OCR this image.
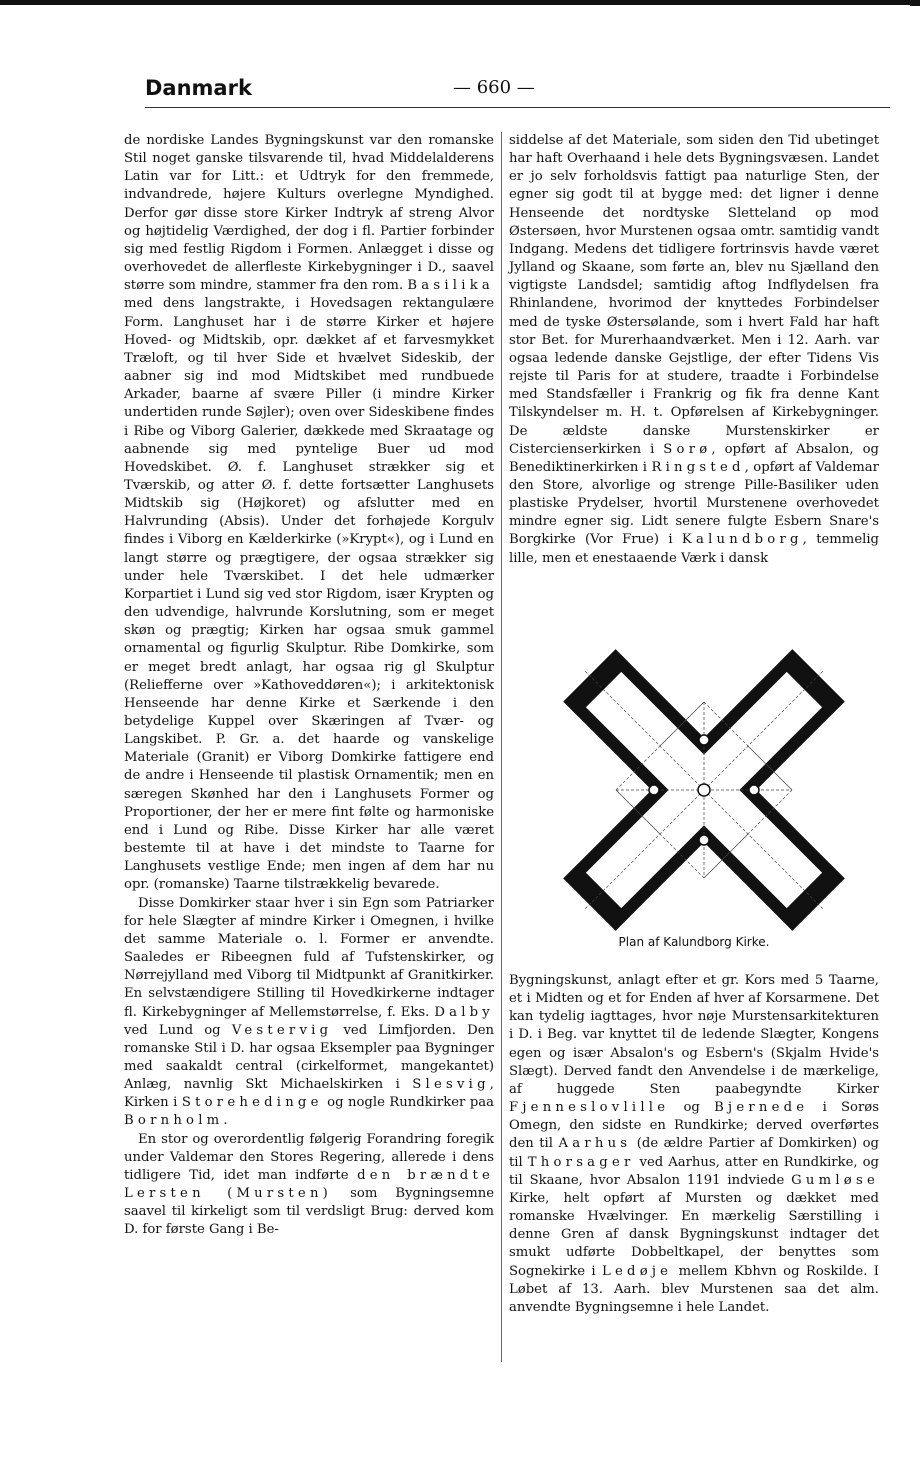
Danmark	— 660 —

de nordiske Landes Bygningskunst var den romanske Stil noget ganske tilsvarende til, hvad Middelalderens Latin var for Litt.: et Udtryk for den fremmede, indvandrede, højere Kulturs overlegne Myndighed. Derfor gør disse store Kirker Indtryk af streng Alvor og højtidelig Værdighed, der dog i fl. Partier forbinder sig med festlig Rigdom i Formen. Anlægget i disse og overhovedet de allerfleste Kirkebygninger i D., saavel større som mindre, stammer fra den rom. Basilika med dens langstrakte, i Hovedsagen rektangulære Form. Langhuset har i de større Kirker et højere Hoved- og Midtskib, opr. dækket af et farvesmykket Træloft, og til hver Side et hvælvet Sideskib, der aabner sig ind mod Midtskibet med rundbuede Arkader, baarne af svære Piller (i mindre Kirker undertiden runde Søjler); oven over Sideskibene findes i Ribe og Viborg Galerier, dækkede med Skraatage og aabnende sig med pyntelige Buer ud mod Hovedskibet. Ø. f. Langhuset strækker sig et Tværskib, og atter Ø. f. dette fortsætter Langhusets Midtskib sig (Højkoret) og afslutter med en Halvrunding (Absis). Under det forhøjede Korgulv findes i Viborg en Kælderkirke (»Krypt«), og i Lund en langt større og prægtigere, der ogsaa strækker sig under hele Tværskibet. I det hele udmærker Korpartiet i Lund sig ved stor Rigdom, især Krypten og den udvendige, halvrunde Korslutning, som er meget skøn og prægtig; Kirken har ogsaa smuk gammel ornamental og figurlig Skulptur. Ribe Domkirke, som er meget bredt anlagt, har ogsaa rig gl Skulptur (Reliefferne over »Kathoveddøren«); i arkitektonisk Henseende har denne Kirke et Særkende i den betydelige Kuppel over Skæringen af Tvær- og Langskibet. P. Gr. a. det haarde og vanskelige Materiale (Granit) er Viborg Domkirke fattigere end de andre i Henseende til plastisk Ornamentik; men en særegen Skønhed har den i Langhusets Former og Proportioner, der her er mere fint følte og harmoniske end i Lund og Ribe. Disse Kirker har alle været bestemte til at have i det mindste to Taarne for Langhusets vestlige Ende; men ingen af dem har nu opr. (romanske) Taarne tilstrækkelig bevarede.

Disse Domkirker staar hver i sin Egn som Patriarker for hele Slægter af mindre Kirker i Omegnen, i hvilke det samme Materiale o. l. Former er anvendte. Saaledes er Ribeegnen fuld af Tufstenskirker, og Nørrejylland med Viborg til Midtpunkt af Granitkirker. En selvstændigere Stilling til Hovedkirkerne indtager fl. Kirkebygninger af Mellemstørrelse, f. Eks. Dalby ved Lund og Vestervig ved Limfjorden. Den romanske Stil i D. har ogsaa Eksempler paa Bygninger med saakaldt central (cirkelformet, mangekantet) Anlæg, navnlig Skt Michaelskirken i Slesvig, Kirken i Storehedinge og nogle Rundkirker paa Bornholm.

En stor og overordentlig følgerig Forandring foregik under Valdemar den Stores Regering, allerede i dens tidligere Tid, idet man indførte den brændte Lersten (Mursten) som Bygningsemne saavel til kirkeligt som til verdsligt Brug: derved kom D. for første Gang i Be-

siddelse af det Materiale, som siden den Tid ubetinget har haft Overhaand i hele dets Bygningsvæsen. Landet er jo selv forholdsvis fattigt paa naturlige Sten, der egner sig godt til at bygge med: det ligner i denne Henseende det nordtyske Sletteland op mod Østersøen, hvor Murstenen ogsaa omtr. samtidig vandt Indgang. Medens det tidligere fortrinsvis havde været Jylland og Skaane, som førte an, blev nu Sjælland den vigtigste Landsdel; samtidig aftog Indflydelsen fra Rhinlandene, hvorimod der knyttedes Forbindelser med de tyske Østersølande, som i hvert Fald har haft stor Bet. for Murerhaandværket. Men i 12. Aarh. var ogsaa ledende danske Gejstlige, der efter Tidens Vis rejste til Paris for at studere, traadte i Forbindelse med Standsfæller i Frankrig og fik fra denne Kant Tilskyndelser m. H. t. Opførelsen af Kirkebygninger. De ældste danske Murstenskirker er Cistercienserkirken i Sorø, opført af Absalon, og Benediktinerkirken i Ringsted, opført af Valdemar den Store, alvorlige og strenge Pille-Basiliker uden plastiske Prydelser, hvortil Murstenene overhovedet mindre egner sig. Lidt senere fulgte Esbern Snare's Borgkirke (Vor Frue) i Kalundborg, temmelig lille, men et enestaaende Værk i dansk

Plan af Kalundborg Kirke.

Bygningskunst, anlagt efter et gr. Kors med 5 Taarne, et i Midten og et for Enden af hver af Korsarmene. Det kan tydelig iagttages, hvor nøje Murstensarkitekturen i D. i Beg. var knyttet til de ledende Slægter, Kongens egen og især Absalon's og Esbern's (Skjalm Hvide's Slægt). Derved fandt den Anvendelse i de mærkelige, af huggede Sten paabegyndte Kirker Fjenneslovlille og Bjernede i Sorøs Omegn, den sidste en Rundkirke; derved overførtes den til Aarhus (de ældre Partier af Domkirken) og til Thorsager ved Aarhus, atter en Rundkirke, og til Skaane, hvor Absalon 1191 indviede Gumløse Kirke, helt opført af Mursten og dækket med romanske Hvælvinger. En mærkelig Særstilling i denne Gren af dansk Bygningskunst indtager det smukt udførte Dobbeltkapel, der benyttes som Sognekirke i Ledøje mellem Kbhvn og Roskilde. I Løbet af 13. Aarh. blev Murstenen saa det alm. anvendte Bygningsemne i hele Landet.
